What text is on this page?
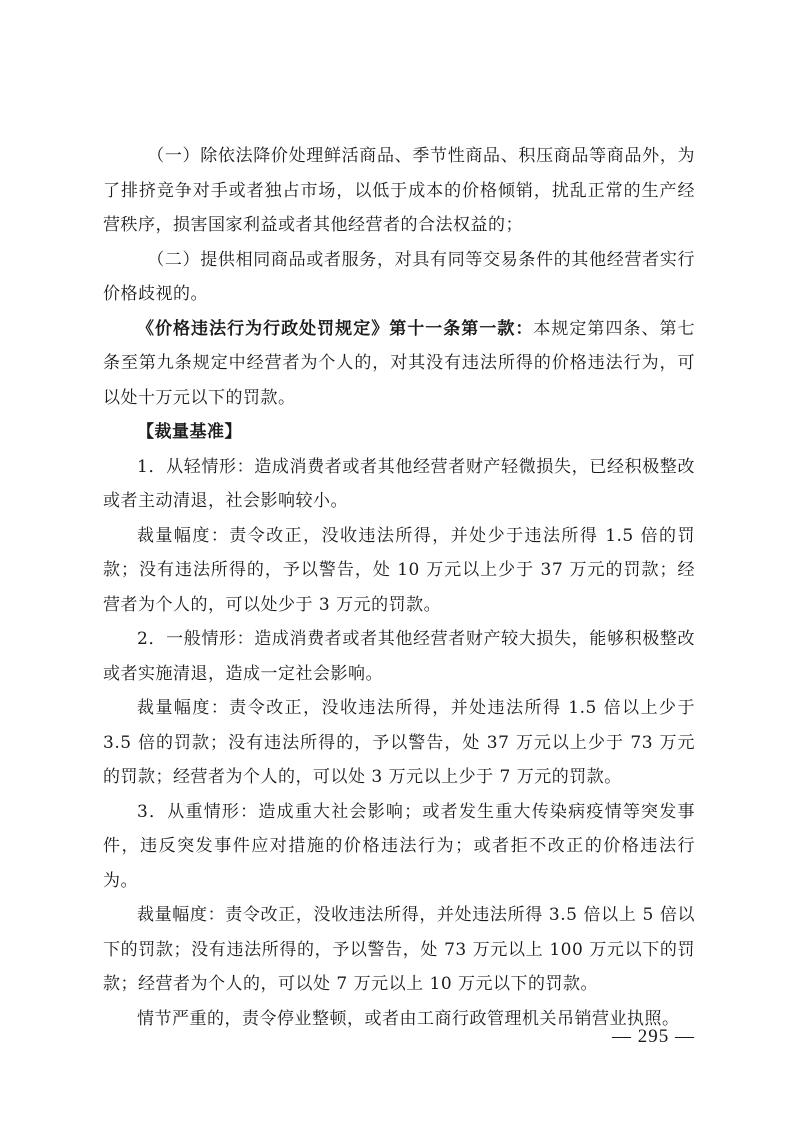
（一）除依法降价处理鲜活商品、季节性商品、积压商品等商品外，为了排挤竞争对手或者独占市场，以低于成本的价格倾销，扰乱正常的生产经营秩序，损害国家利益或者其他经营者的合法权益的；

（二）提供相同商品或者服务，对具有同等交易条件的其他经营者实行价格歧视的。

《价格违法行为行政处罚规定》第十一条第一款：本规定第四条、第七条至第九条规定中经营者为个人的，对其没有违法所得的价格违法行为，可以处十万元以下的罚款。

【裁量基准】

1．从轻情形：造成消费者或者其他经营者财产轻微损失，已经积极整改或者主动清退，社会影响较小。

裁量幅度：责令改正，没收违法所得，并处少于违法所得 1.5 倍的罚款；没有违法所得的，予以警告，处 10 万元以上少于 37 万元的罚款；经营者为个人的，可以处少于 3 万元的罚款。

2．一般情形：造成消费者或者其他经营者财产较大损失，能够积极整改或者实施清退，造成一定社会影响。

裁量幅度：责令改正，没收违法所得，并处违法所得 1.5 倍以上少于 3.5 倍的罚款；没有违法所得的，予以警告，处 37 万元以上少于 73 万元的罚款；经营者为个人的，可以处 3 万元以上少于 7 万元的罚款。

3．从重情形：造成重大社会影响；或者发生重大传染病疫情等突发事件，违反突发事件应对措施的价格违法行为；或者拒不改正的价格违法行为。

裁量幅度：责令改正，没收违法所得，并处违法所得 3.5 倍以上 5 倍以下的罚款；没有违法所得的，予以警告，处 73 万元以上 100 万元以下的罚款；经营者为个人的，可以处 7 万元以上 10 万元以下的罚款。

情节严重的，责令停业整顿，或者由工商行政管理机关吊销营业执照。

— 295 —
